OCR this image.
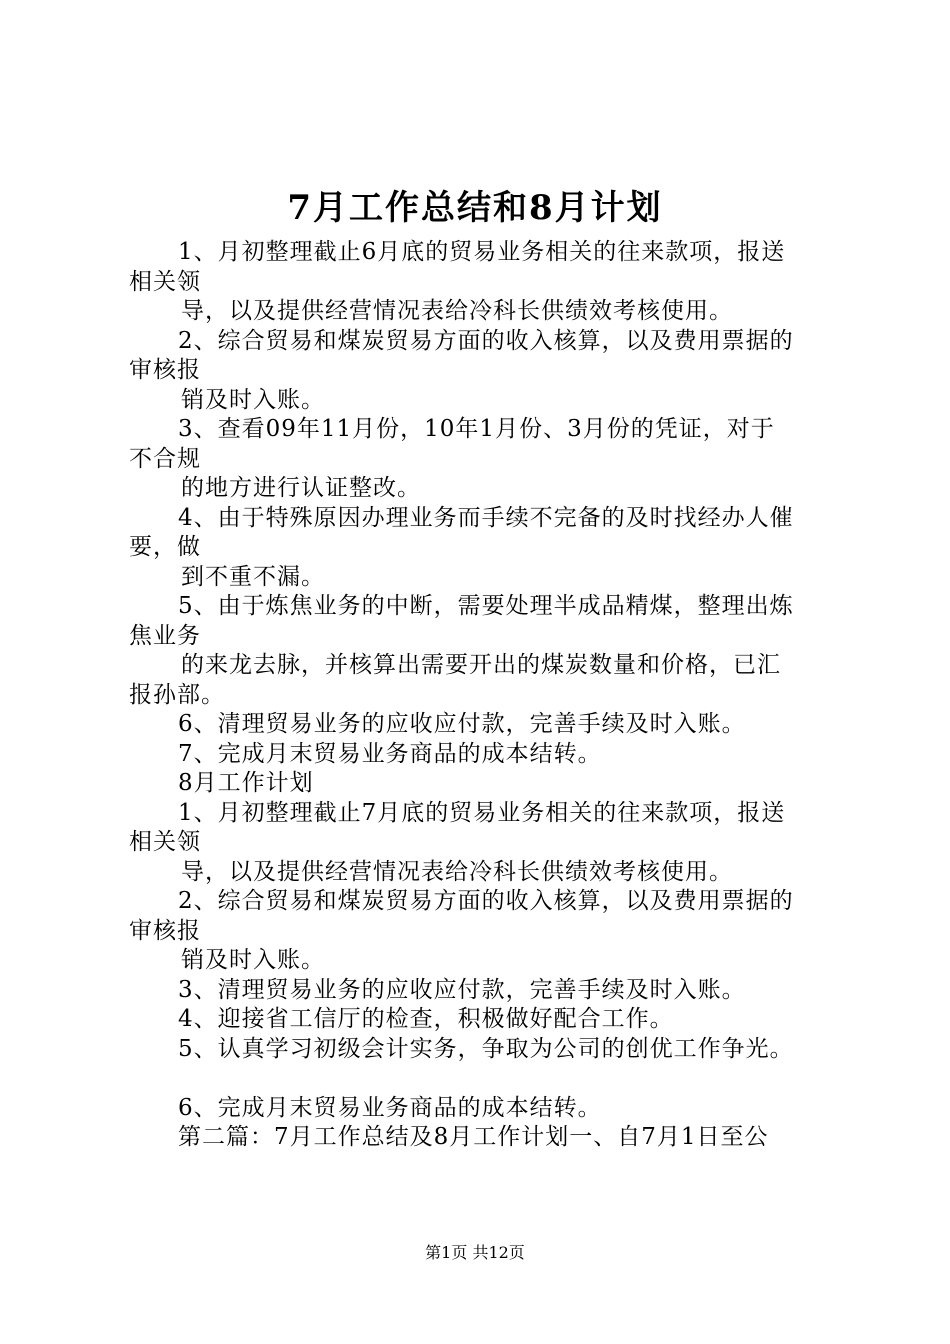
7月工作总结和8月计划
1、月初整理截止6月底的贸易业务相关的往来款项，报送
相关领
导，以及提供经营情况表给冷科长供绩效考核使用。
2、综合贸易和煤炭贸易方面的收入核算，以及费用票据的
审核报
销及时入账。
3、查看09年11月份，10年1月份、3月份的凭证，对于
不合规
的地方进行认证整改。
4、由于特殊原因办理业务而手续不完备的及时找经办人催
要，做
到不重不漏。
5、由于炼焦业务的中断，需要处理半成品精煤，整理出炼
焦业务
的来龙去脉，并核算出需要开出的煤炭数量和价格，已汇
报孙部。
6、清理贸易业务的应收应付款，完善手续及时入账。
7、完成月末贸易业务商品的成本结转。
8月工作计划
1、月初整理截止7月底的贸易业务相关的往来款项，报送
相关领
导，以及提供经营情况表给冷科长供绩效考核使用。
2、综合贸易和煤炭贸易方面的收入核算，以及费用票据的
审核报
销及时入账。
3、清理贸易业务的应收应付款，完善手续及时入账。
4、迎接省工信厅的检查，积极做好配合工作。
5、认真学习初级会计实务，争取为公司的创优工作争光。
6、完成月末贸易业务商品的成本结转。
第二篇：7月工作总结及8月工作计划一、自7月1日至公
第1页 共12页
